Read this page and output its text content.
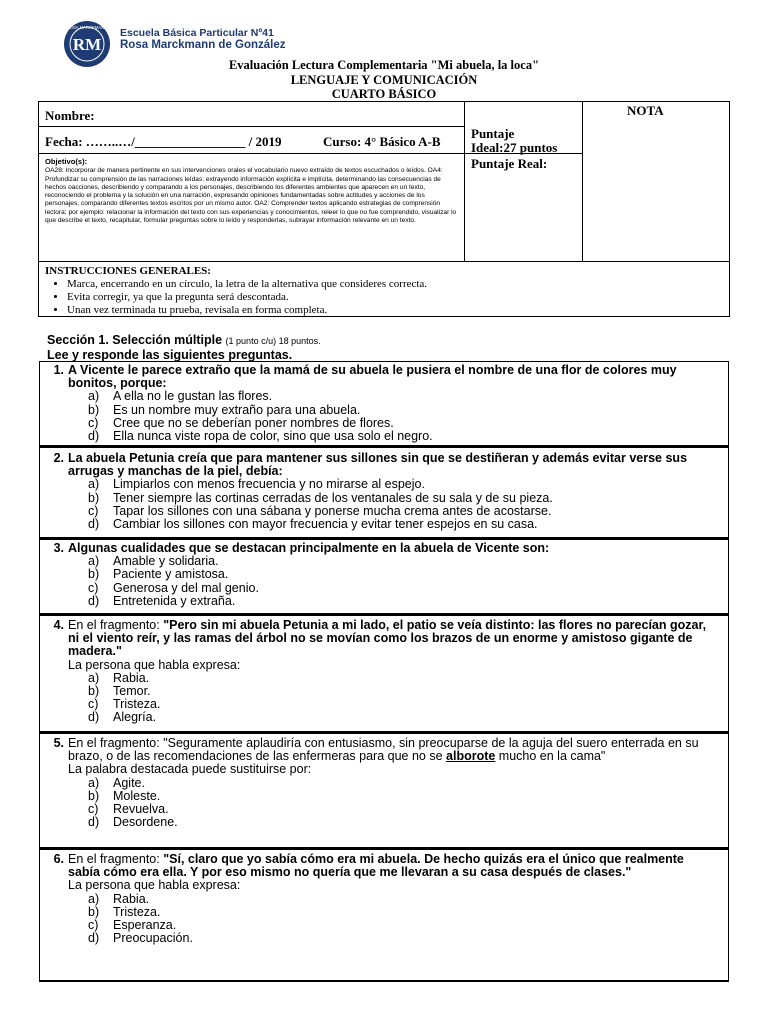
RM
ROSA MARCKMANN Escuela Básica Particular Nº41
Rosa Marckmann de González
Evaluación Lectura Complementaria "Mi abuela, la loca"
LENGUAJE Y COMUNICACIÓN
CUARTO BÁSICO
Nombre:	NOTA
Fecha: ……..…/_________________ / 2019	Curso: 4° Básico A-B
Puntaje
Ideal:27 puntos
Puntaje Real:
Objetivo(s):
OA28: Incorporar de manera pertinente en sus intervenciones orales el vocabulario nuevo extraído de textos escuchados o leídos. OA4: Profundizar su comprensión de las narraciones leídas: extrayendo información explícita e implícita, determinando las consecuencias de hechos oacciones, describiendo y comparando a los personajes, describiendo los diferentes ambientes que aparecen en un texto, reconociendo el problema y la solución en una narración, expresando opiniones fundamentadas sobre actitudes y acciones de los personajes, comparando diferentes textos escritos por un mismo autor. OA2: Comprender textos aplicando estrategias de comprensión lectora; por ejemplo: relacionar la información del texto con sus experiencias y conocimientos, releer lo que no fue comprendido, visualizar lo que describe el texto, recapitular, formular preguntas sobre lo leído y responderlas, subrayar información relevante en un texto.
INSTRUCCIONES GENERALES:
• Marca, encerrando en un círculo, la letra de la alternativa que consideres correcta.
• Evita corregir, ya que la pregunta será descontada.
• Unan vez terminada tu prueba, revísala en forma completa.
Sección 1. Selección múltiple (1 punto c/u) 18 puntos.
Lee y responde las siguientes preguntas.
1. A Vicente le parece extraño que la mamá de su abuela le pusiera el nombre de una flor de colores muy bonitos, porque:
a) A ella no le gustan las flores.
b) Es un nombre muy extraño para una abuela.
c) Cree que no se deberían poner nombres de flores.
d) Ella nunca viste ropa de color, sino que usa solo el negro.
2. La abuela Petunia creía que para mantener sus sillones sin que se destiñeran y además evitar verse sus arrugas y manchas de la piel, debía:
a) Limpiarlos con menos frecuencia y no mirarse al espejo.
b) Tener siempre las cortinas cerradas de los ventanales de su sala y de su pieza.
c) Tapar los sillones con una sábana y ponerse mucha crema antes de acostarse.
d) Cambiar los sillones con mayor frecuencia y evitar tener espejos en su casa.
3. Algunas cualidades que se destacan principalmente en la abuela de Vicente son:
a) Amable y solidaria.
b) Paciente y amistosa.
c) Generosa y del mal genio.
d) Entretenida y extraña.
4. En el fragmento: "Pero sin mi abuela Petunia a mi lado, el patio se veía distinto: las flores no parecían gozar, ni el viento reír, y las ramas del árbol no se movían como los brazos de un enorme y amistoso gigante de madera."
La persona que habla expresa:
a) Rabia.
b) Temor.
c) Tristeza.
d) Alegría.
5. En el fragmento: "Seguramente aplaudiría con entusiasmo, sin preocuparse de la aguja del suero enterrada en su brazo, o de las recomendaciones de las enfermeras para que no se alborote mucho en la cama"
La palabra destacada puede sustituirse por:
a) Agite.
b) Moleste.
c) Revuelva.
d) Desordene.
6. En el fragmento: "Sí, claro que yo sabía cómo era mi abuela. De hecho quizás era el único que realmente sabía cómo era ella. Y por eso mismo no quería que me llevaran a su casa después de clases."
La persona que habla expresa:
a) Rabia.
b) Tristeza.
c) Esperanza.
d) Preocupación.
